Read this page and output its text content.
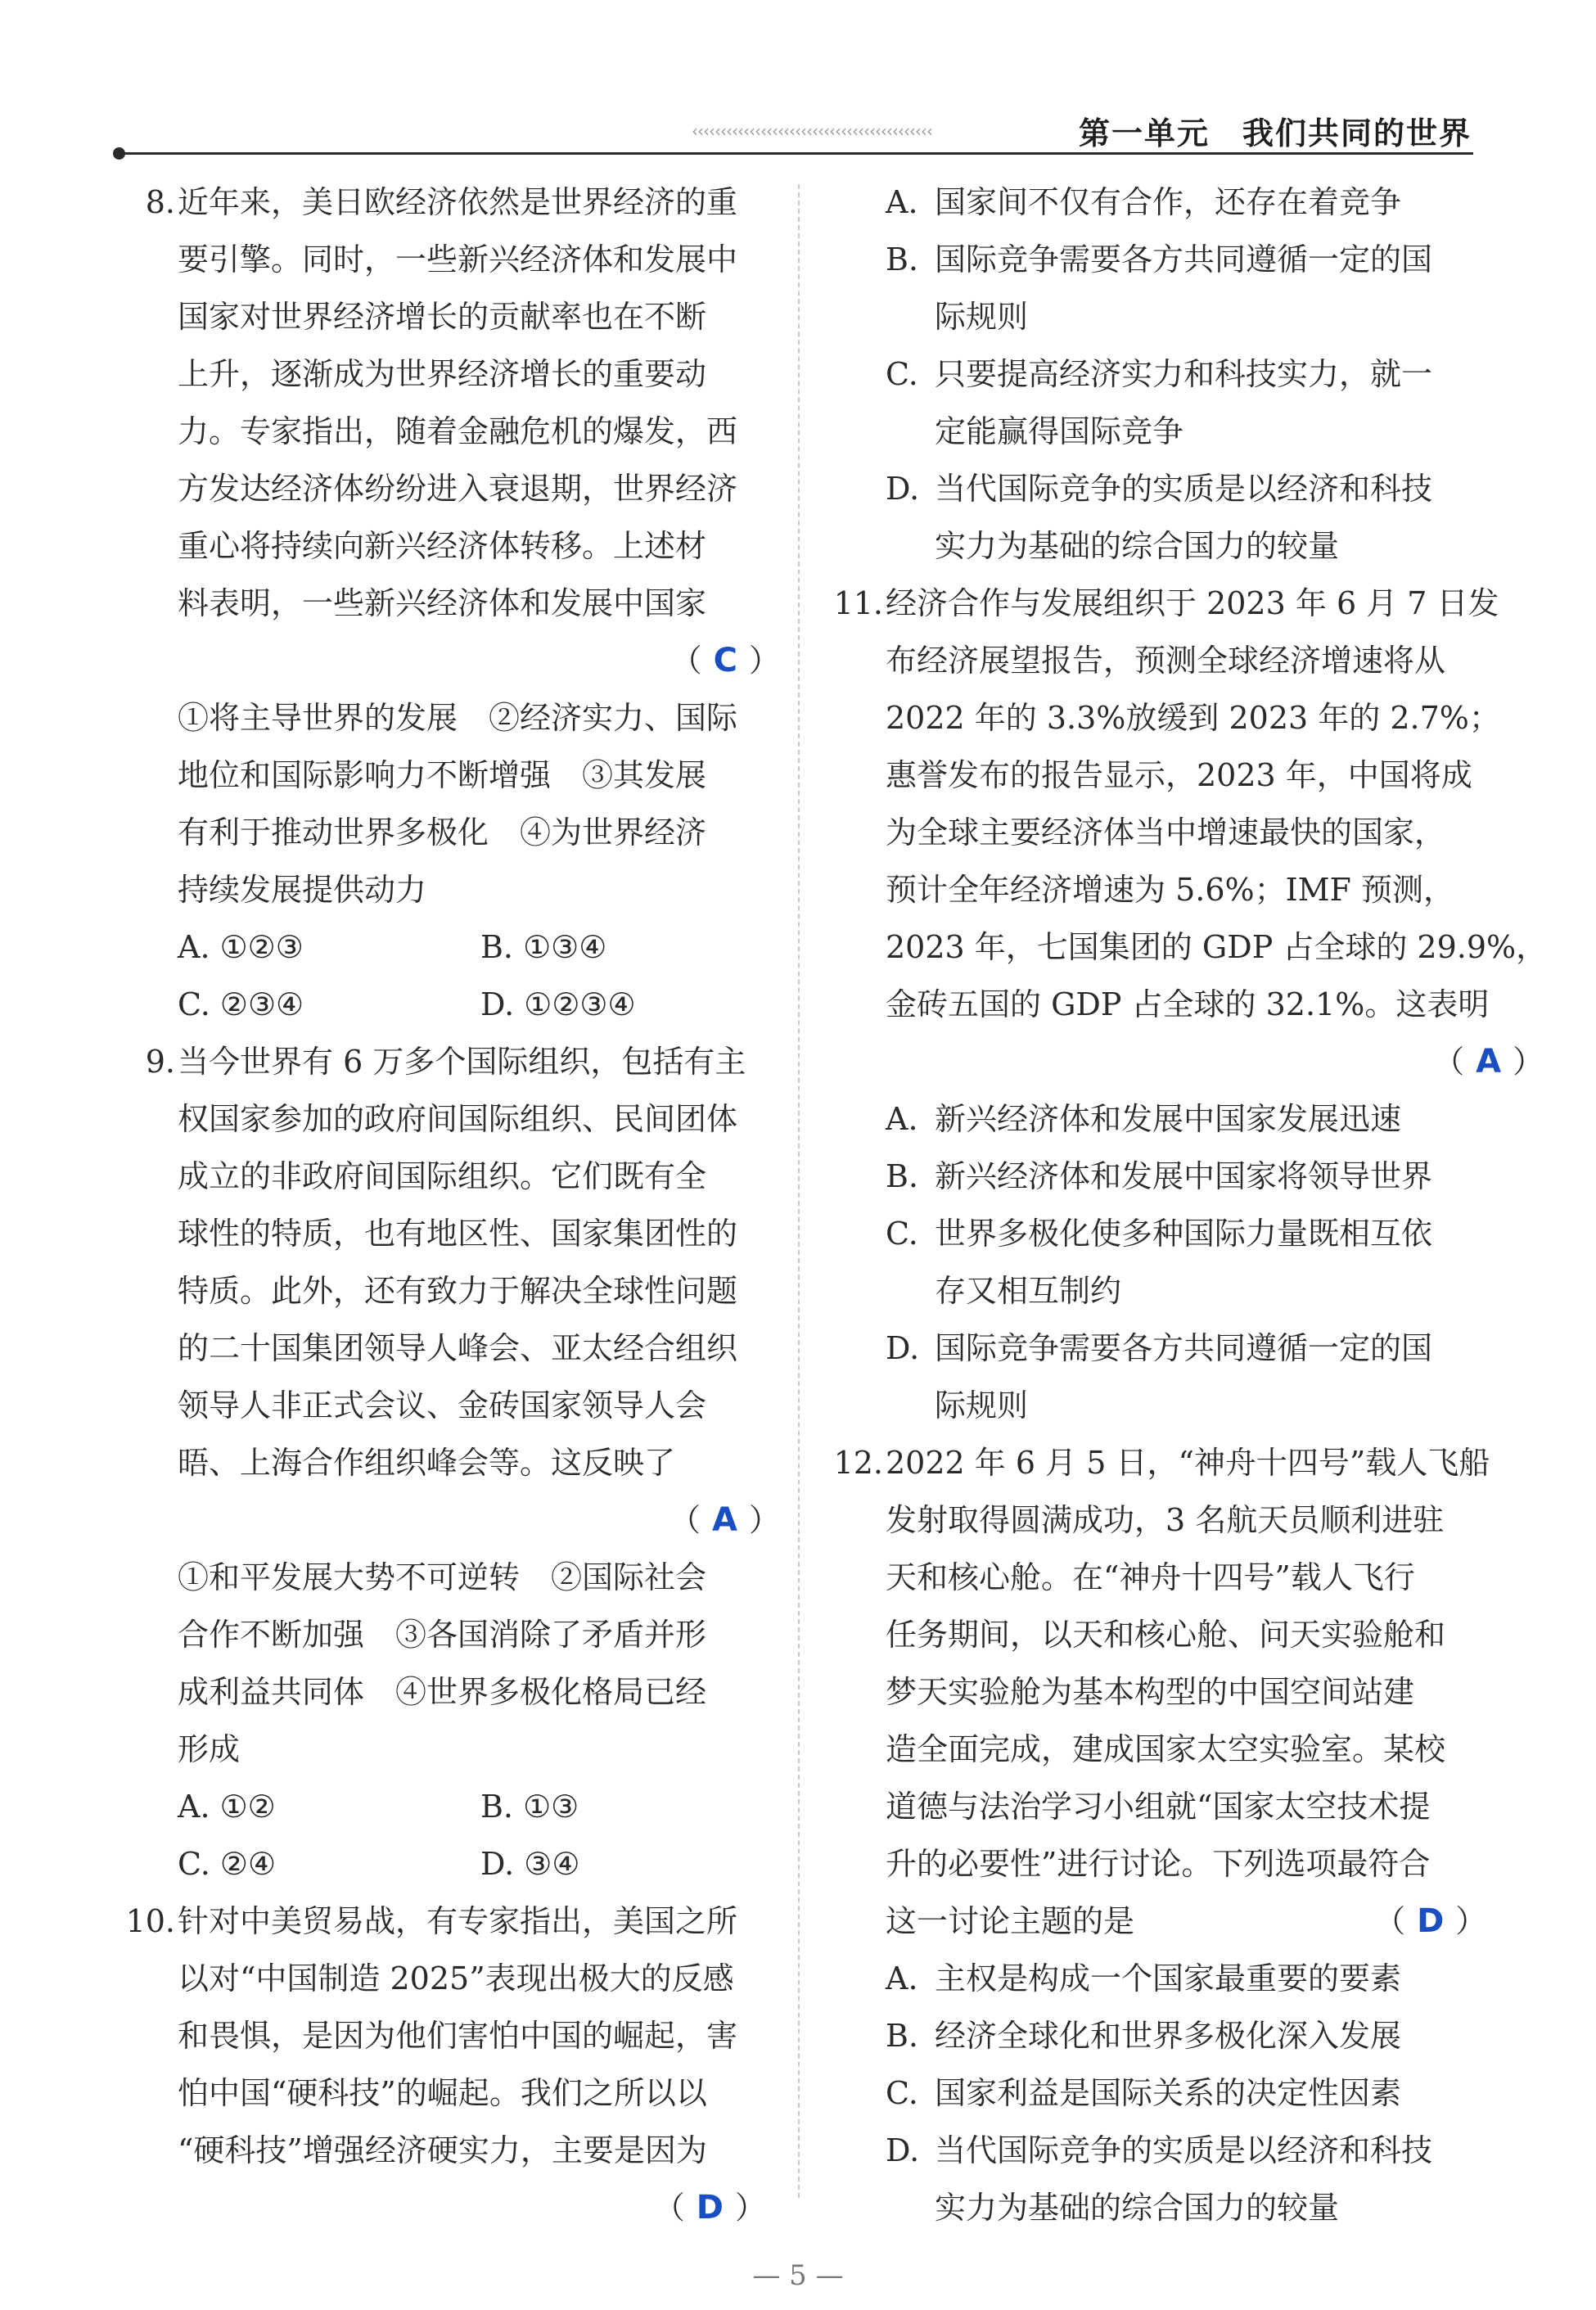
‹‹‹‹‹‹‹‹‹‹‹‹‹‹‹‹‹‹‹‹‹‹‹‹‹‹‹‹‹‹‹‹‹‹‹‹‹‹‹‹‹‹	第一单元　我们共同的世界
8. 近年来，美日欧经济依然是世界经济的重
要引擎。同时，一些新兴经济体和发展中
国家对世界经济增长的贡献率也在不断
上升，逐渐成为世界经济增长的重要动
力。专家指出，随着金融危机的爆发，西
方发达经济体纷纷进入衰退期，世界经济
重心将持续向新兴经济体转移。上述材
料表明，一些新兴经济体和发展中国家
（ C ）
①将主导世界的发展　②经济实力、国际
地位和国际影响力不断增强　③其发展
有利于推动世界多极化　④为世界经济
持续发展提供动力
A. ①②③	B. ①③④
C. ②③④	D. ①②③④
9. 当今世界有 6 万多个国际组织，包括有主
权国家参加的政府间国际组织、民间团体
成立的非政府间国际组织。它们既有全
球性的特质，也有地区性、国家集团性的
特质。此外，还有致力于解决全球性问题
的二十国集团领导人峰会、亚太经合组织
领导人非正式会议、金砖国家领导人会
晤、上海合作组织峰会等。这反映了
（ A ）
①和平发展大势不可逆转　②国际社会
合作不断加强　③各国消除了矛盾并形
成利益共同体　④世界多极化格局已经
形成
A. ①②	B. ①③
C. ②④	D. ③④
10. 针对中美贸易战，有专家指出，美国之所
以对“中国制造 2025”表现出极大的反感
和畏惧，是因为他们害怕中国的崛起，害
怕中国“硬科技”的崛起。我们之所以以
“硬科技”增强经济硬实力，主要是因为
（ D ）
A. 国家间不仅有合作，还存在着竞争
B. 国际竞争需要各方共同遵循一定的国
际规则
C. 只要提高经济实力和科技实力，就一
定能赢得国际竞争
D. 当代国际竞争的实质是以经济和科技
实力为基础的综合国力的较量
11. 经济合作与发展组织于 2023 年 6 月 7 日发
布经济展望报告，预测全球经济增速将从
2022 年的 3.3%放缓到 2023 年的 2.7%；
惠誉发布的报告显示，2023 年，中国将成
为全球主要经济体当中增速最快的国家，
预计全年经济增速为 5.6%；IMF 预测，
2023 年，七国集团的 GDP 占全球的 29.9%，
金砖五国的 GDP 占全球的 32.1%。这表明
（ A ）
A. 新兴经济体和发展中国家发展迅速
B. 新兴经济体和发展中国家将领导世界
C. 世界多极化使多种国际力量既相互依
存又相互制约
D. 国际竞争需要各方共同遵循一定的国
际规则
12. 2022 年 6 月 5 日，“神舟十四号”载人飞船
发射取得圆满成功，3 名航天员顺利进驻
天和核心舱。在“神舟十四号”载人飞行
任务期间，以天和核心舱、问天实验舱和
梦天实验舱为基本构型的中国空间站建
造全面完成，建成国家太空实验室。某校
道德与法治学习小组就“国家太空技术提
升的必要性”进行讨论。下列选项最符合
这一讨论主题的是	（ D ）
A. 主权是构成一个国家最重要的要素
B. 经济全球化和世界多极化深入发展
C. 国家利益是国际关系的决定性因素
D. 当代国际竞争的实质是以经济和科技
实力为基础的综合国力的较量
— 5 —
